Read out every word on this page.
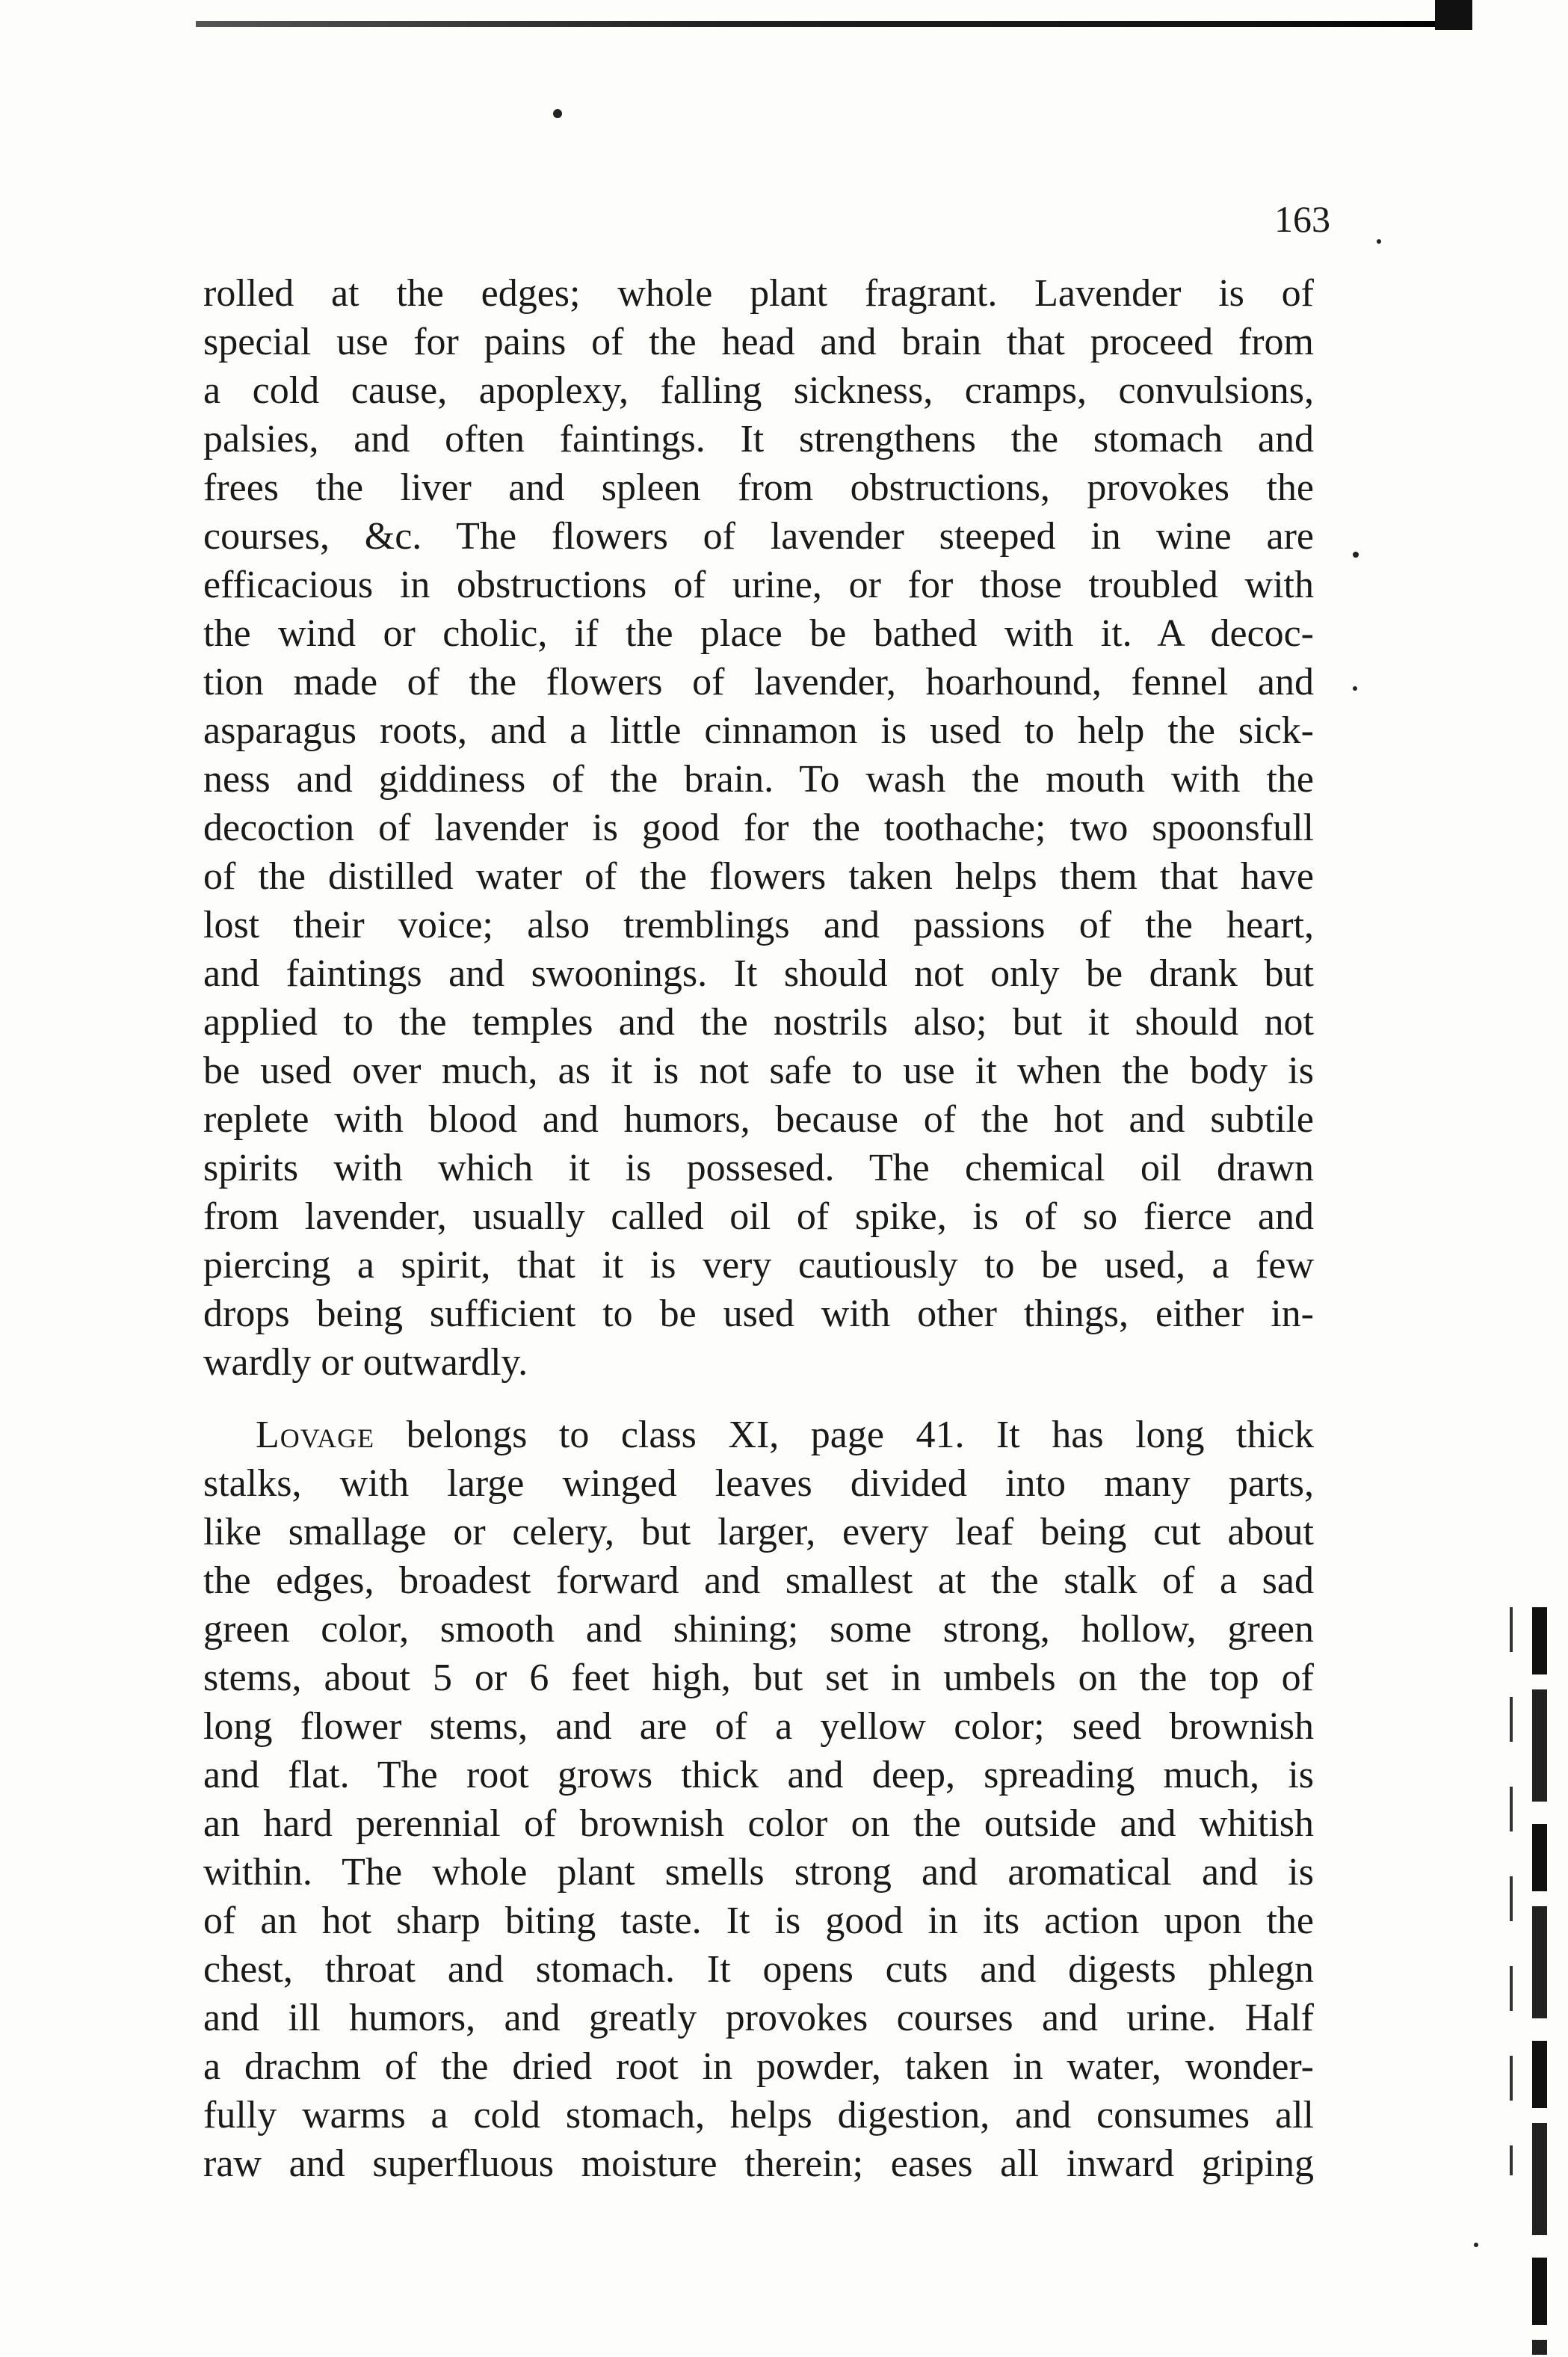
163
rolled at the edges; whole plant fragrant. Lavender is of
special use for pains of the head and brain that proceed from
a cold cause, apoplexy, falling sickness, cramps, convulsions,
palsies, and often faintings. It strengthens the stomach and
frees the liver and spleen from obstructions, provokes the
courses, &c. The flowers of lavender steeped in wine are
efficacious in obstructions of urine, or for those troubled with
the wind or cholic, if the place be bathed with it. A decoc-
tion made of the flowers of lavender, hoarhound, fennel and
asparagus roots, and a little cinnamon is used to help the sick-
ness and giddiness of the brain. To wash the mouth with the
decoction of lavender is good for the toothache; two spoonsfull
of the distilled water of the flowers taken helps them that have
lost their voice; also tremblings and passions of the heart,
and faintings and swoonings. It should not only be drank but
applied to the temples and the nostrils also; but it should not
be used over much, as it is not safe to use it when the body is
replete with blood and humors, because of the hot and subtile
spirits with which it is possesed. The chemical oil drawn
from lavender, usually called oil of spike, is of so fierce and
piercing a spirit, that it is very cautiously to be used, a few
drops being sufficient to be used with other things, either in-
wardly or outwardly.
Lovage belongs to class XI, page 41. It has long thick
stalks, with large winged leaves divided into many parts,
like smallage or celery, but larger, every leaf being cut about
the edges, broadest forward and smallest at the stalk of a sad
green color, smooth and shining; some strong, hollow, green
stems, about 5 or 6 feet high, but set in umbels on the top of
long flower stems, and are of a yellow color; seed brownish
and flat. The root grows thick and deep, spreading much, is
an hard perennial of brownish color on the outside and whitish
within. The whole plant smells strong and aromatical and is
of an hot sharp biting taste. It is good in its action upon the
chest, throat and stomach. It opens cuts and digests phlegn
and ill humors, and greatly provokes courses and urine. Half
a drachm of the dried root in powder, taken in water, wonder-
fully warms a cold stomach, helps digestion, and consumes all
raw and superfluous moisture therein; eases all inward griping
